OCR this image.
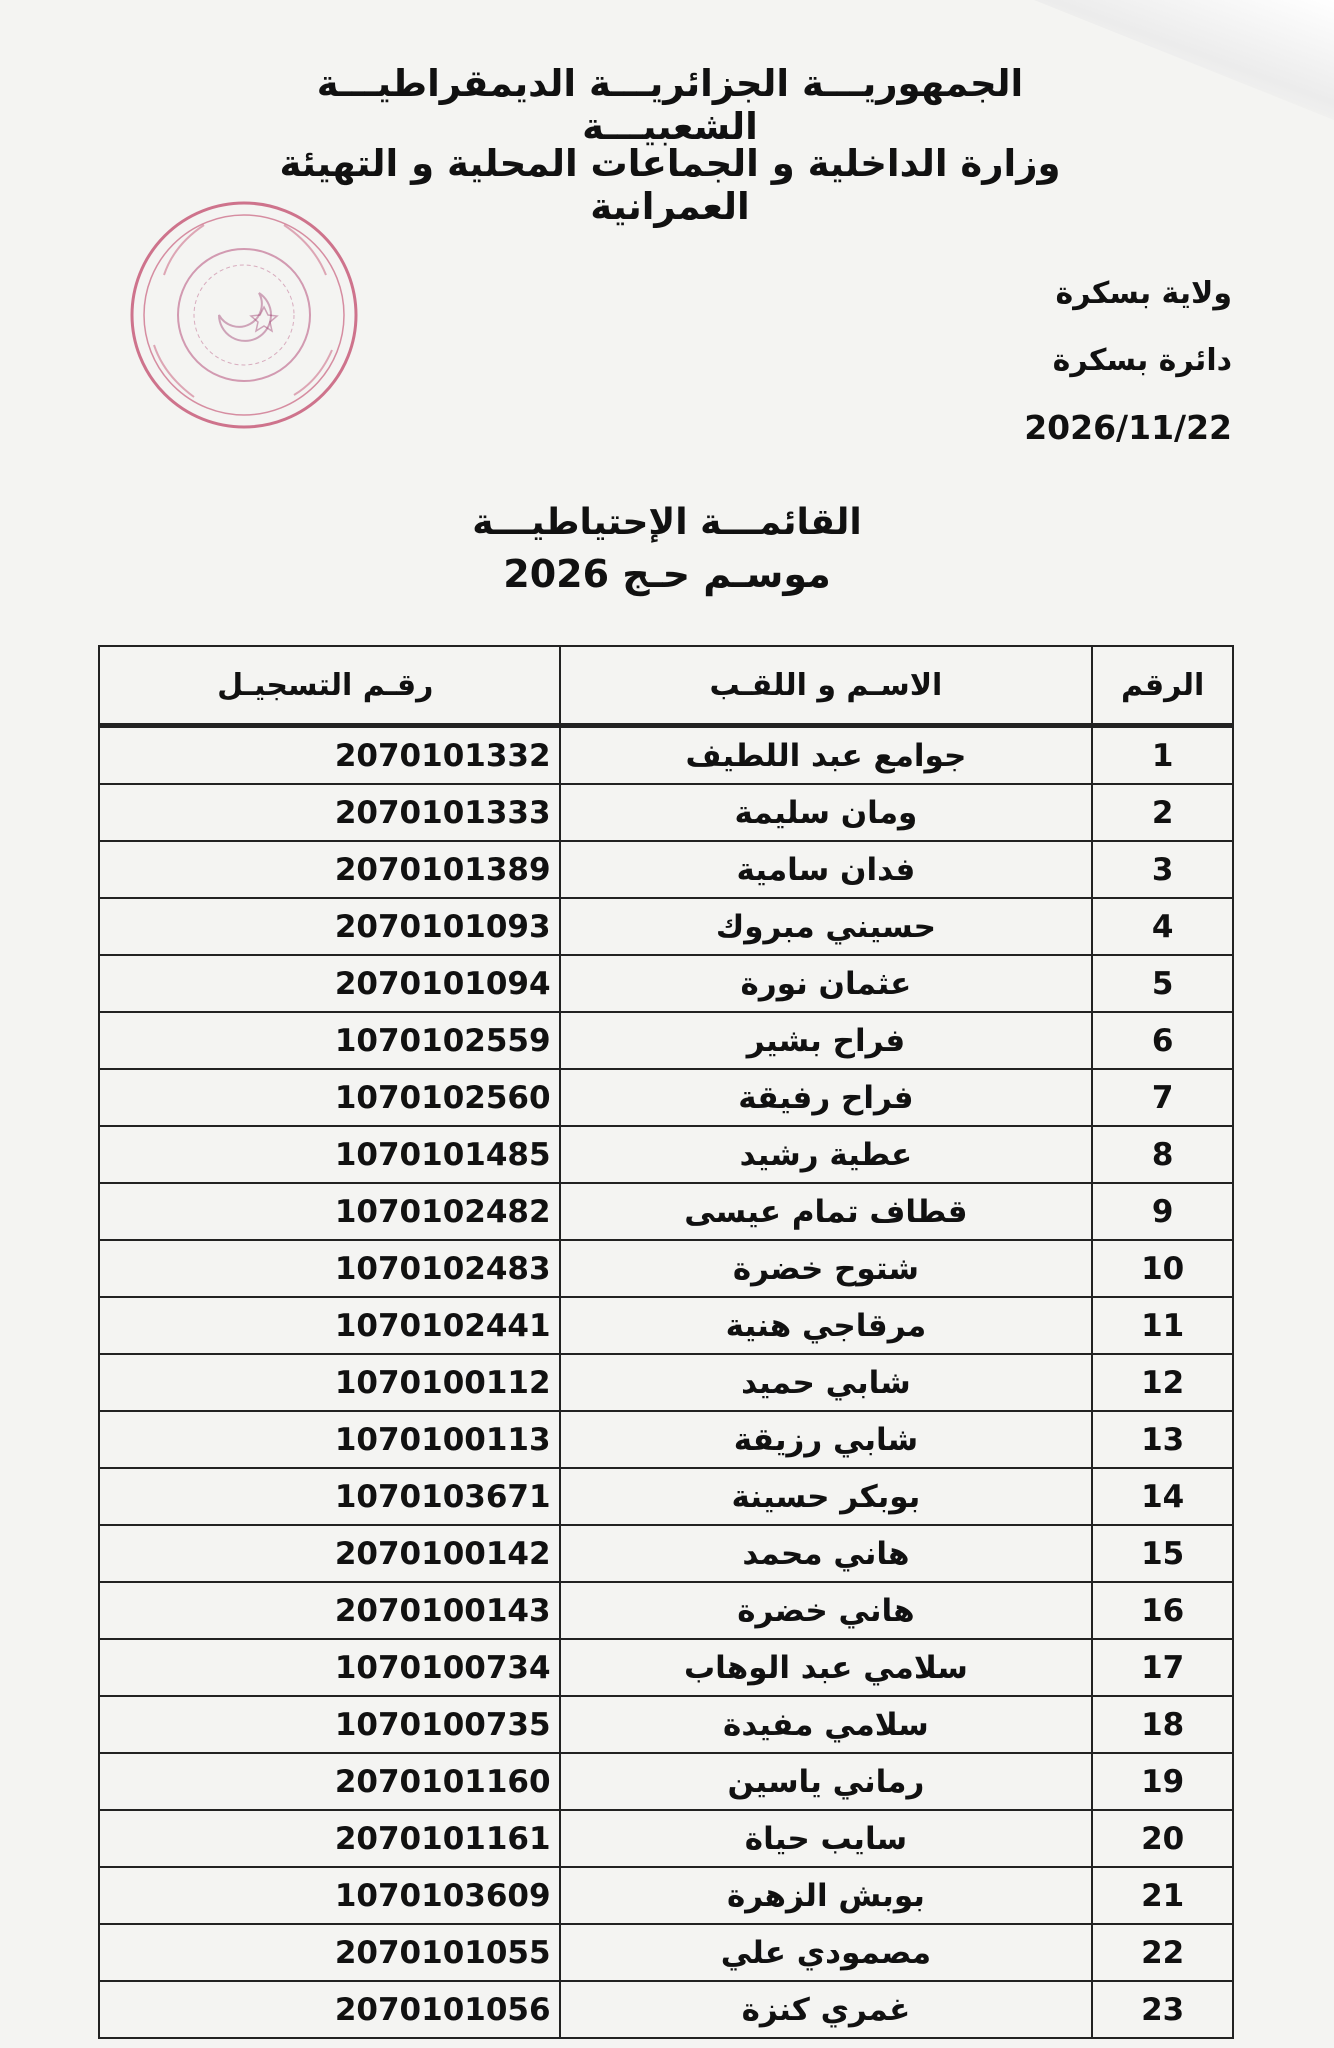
الجمهوريـــة الجزائريـــة الديمقراطيـــة الشعبيـــة
وزارة الداخلية و الجماعات المحلية و التهيئة العمرانية
ولاية بسكرة
دائرة بسكرة
2026/11/22
القائمـــة الإحتياطيـــة
موسـم حـج 2026
الرقم	الاسـم و اللقـب	رقـم التسجيـل
1	جوامع عبد اللطيف	2070101332
2	ومان سليمة	2070101333
3	فدان سامية	2070101389
4	حسيني مبروك	2070101093
5	عثمان نورة	2070101094
6	فراح بشير	1070102559
7	فراح رفيقة	1070102560
8	عطية رشيد	1070101485
9	قطاف تمام عيسى	1070102482
10	شتوح خضرة	1070102483
11	مرقاجي هنية	1070102441
12	شابي حميد	1070100112
13	شابي رزيقة	1070100113
14	بوبكر حسينة	1070103671
15	هاني محمد	2070100142
16	هاني خضرة	2070100143
17	سلامي عبد الوهاب	1070100734
18	سلامي مفيدة	1070100735
19	رماني ياسين	2070101160
20	سايب حياة	2070101161
21	بوبش الزهرة	1070103609
22	مصمودي علي	2070101055
23	غمري كنزة	2070101056
